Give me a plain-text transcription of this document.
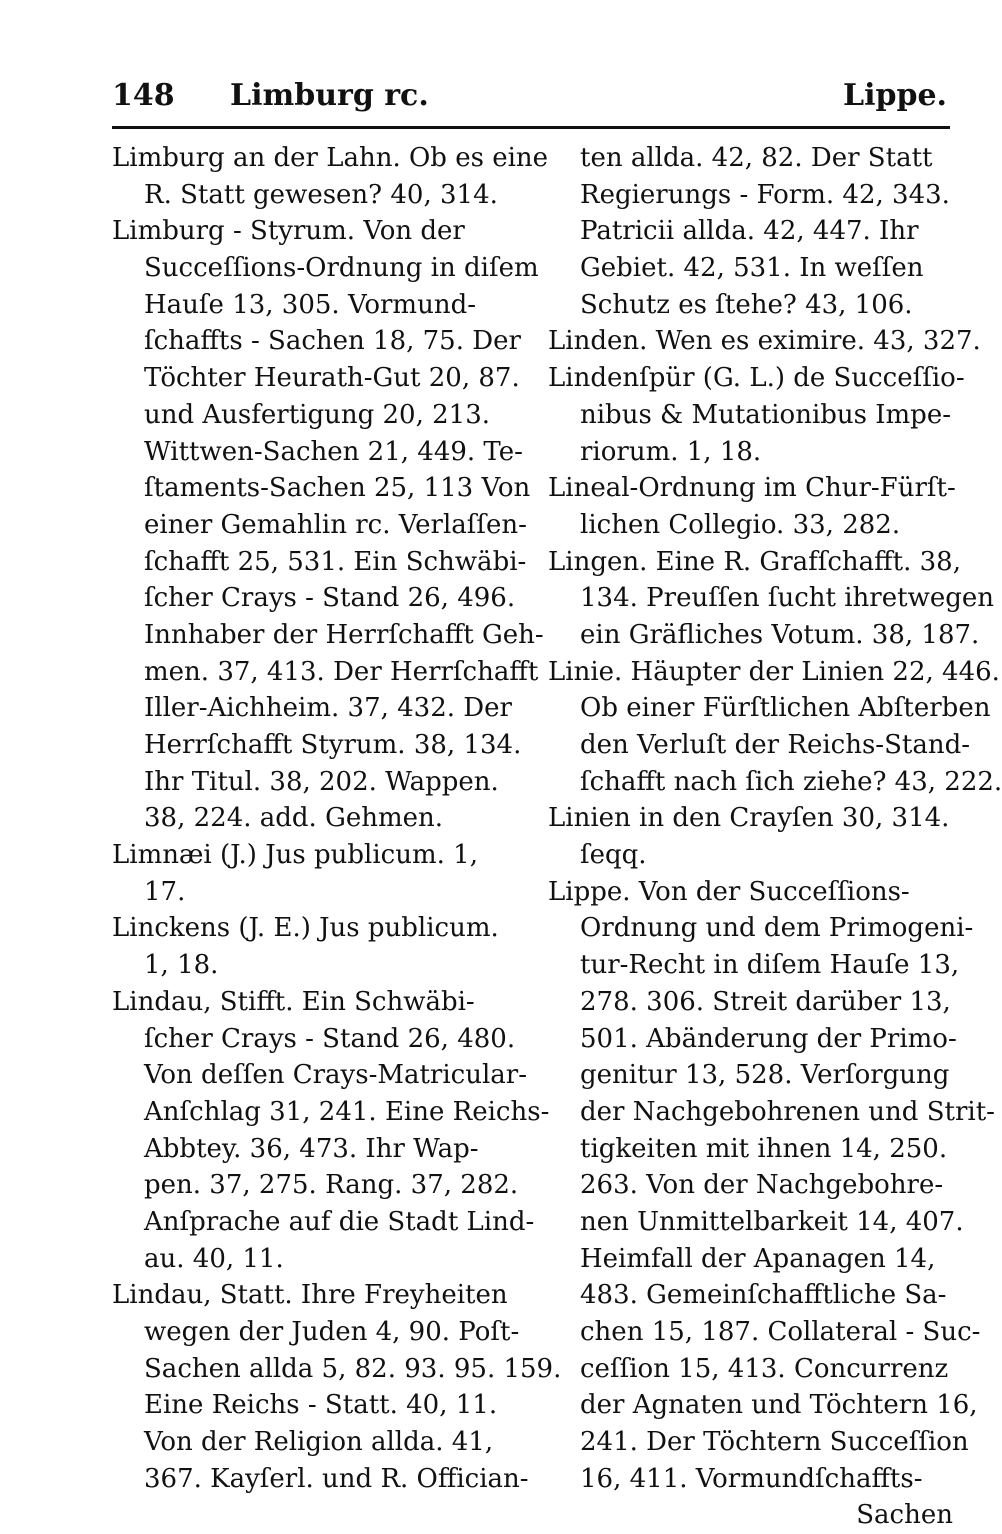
148 Limburg rc.	Lippe.
Limburg an der Lahn. Ob es eine
R. Statt gewesen? 40, 314.
Limburg - Styrum. Von der
Succeſſions-Ordnung in diſem
Hauſe 13, 305. Vormund-
ſchaffts - Sachen 18, 75. Der
Töchter Heurath-Gut 20, 87.
und Ausfertigung 20, 213.
Wittwen-Sachen 21, 449. Te-
ſtaments-Sachen 25, 113 Von
einer Gemahlin rc. Verlaſſen-
ſchafft 25, 531. Ein Schwäbi-
ſcher Crays - Stand 26, 496.
Innhaber der Herrſchafft Geh-
men. 37, 413. Der Herrſchafft
Iller-Aichheim. 37, 432. Der
Herrſchafft Styrum. 38, 134.
Ihr Titul. 38, 202. Wappen.
38, 224. add. Gehmen.
Limnæi (J.) Jus publicum. 1,
17.
Linckens (J. E.) Jus publicum.
1, 18.
Lindau, Stifft. Ein Schwäbi-
ſcher Crays - Stand 26, 480.
Von deſſen Crays-Matricular-
Anſchlag 31, 241. Eine Reichs-
Abbtey. 36, 473. Ihr Wap-
pen. 37, 275. Rang. 37, 282.
Anſprache auf die Stadt Lind-
au. 40, 11.
Lindau, Statt. Ihre Freyheiten
wegen der Juden 4, 90. Poſt-
Sachen allda 5, 82. 93. 95. 159.
Eine Reichs - Statt. 40, 11.
Von der Religion allda. 41,
367. Kayſerl. und R. Offician-
ten allda. 42, 82. Der Statt
Regierungs - Form. 42, 343.
Patricii allda. 42, 447. Ihr
Gebiet. 42, 531. In weſſen
Schutz es ſtehe? 43, 106.
Linden. Wen es eximire. 43, 327.
Lindenſpür (G. L.) de Succeſſio-
nibus & Mutationibus Impe-
riorum. 1, 18.
Lineal-Ordnung im Chur-Fürſt-
lichen Collegio. 33, 282.
Lingen. Eine R. Grafſchafft. 38,
134. Preuſſen ſucht ihretwegen
ein Gräfliches Votum. 38, 187.
Linie. Häupter der Linien 22, 446.
Ob einer Fürſtlichen Abſterben
den Verluſt der Reichs-Stand-
ſchafft nach ſich ziehe? 43, 222.
Linien in den Crayſen 30, 314.
ſeqq.
Lippe. Von der Succeſſions-
Ordnung und dem Primogeni-
tur-Recht in diſem Hauſe 13,
278. 306. Streit darüber 13,
501. Abänderung der Primo-
genitur 13, 528. Verſorgung
der Nachgebohrenen und Strit-
tigkeiten mit ihnen 14, 250.
263. Von der Nachgebohre-
nen Unmittelbarkeit 14, 407.
Heimfall der Apanagen 14,
483. Gemeinſchafftliche Sa-
chen 15, 187. Collateral - Suc-
ceſſion 15, 413. Concurrenz
der Agnaten und Töchtern 16,
241. Der Töchtern Succeſſion
16, 411. Vormundſchaffts-
Sachen
